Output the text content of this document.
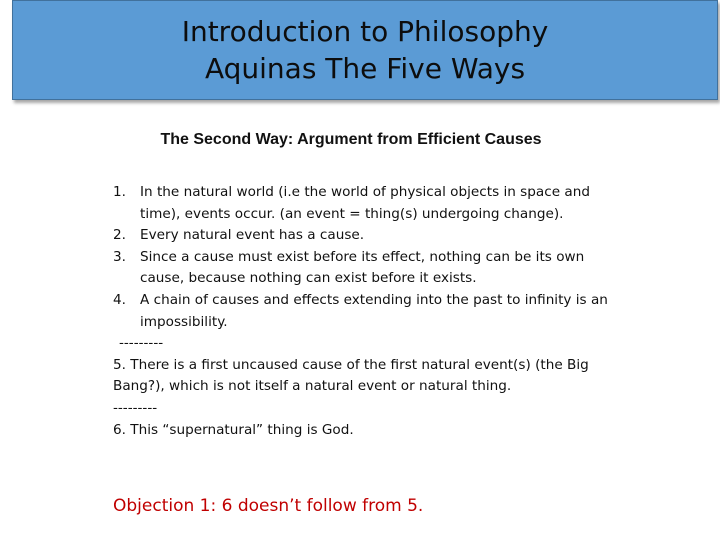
Introduction to Philosophy
Aquinas The Five Ways
The Second Way: Argument from Efficient Causes
1. In the natural world (i.e the world of physical objects in space and time), events occur. (an event = thing(s) undergoing change).
2. Every natural event has a cause.
3. Since a cause must exist before its effect, nothing can be its own cause, because nothing can exist before it exists.
4. A chain of causes and effects extending into the past to infinity is an impossibility.
---------
5. There is a first uncaused cause of the first natural event(s) (the Big Bang?), which is not itself a natural event or natural thing.
---------
6. This “supernatural” thing is God.
Objection 1: 6 doesn’t follow from 5.
